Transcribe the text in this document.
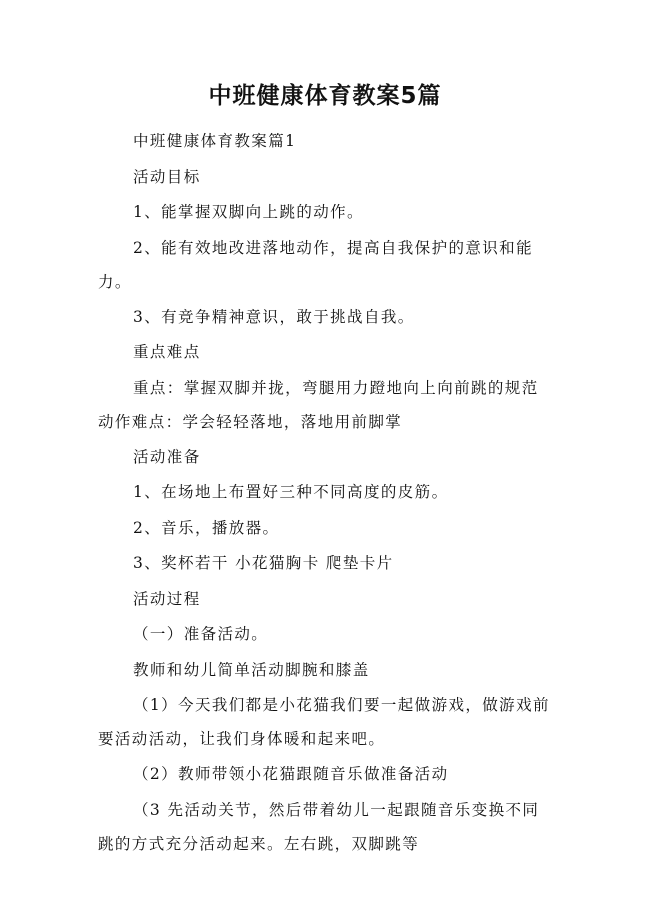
中班健康体育教案5篇

中班健康体育教案篇1

活动目标

1、能掌握双脚向上跳的动作。

2、能有效地改进落地动作，提高自我保护的意识和能力。

3、有竞争精神意识，敢于挑战自我。

重点难点

重点：掌握双脚并拢，弯腿用力蹬地向上向前跳的规范动作难点：学会轻轻落地，落地用前脚掌

活动准备

1、在场地上布置好三种不同高度的皮筋。

2、音乐，播放器。

3、奖杯若干 小花猫胸卡 爬垫卡片

活动过程

（一）准备活动。

教师和幼儿简单活动脚腕和膝盖

（1）今天我们都是小花猫我们要一起做游戏，做游戏前要活动活动，让我们身体暖和起来吧。

（2）教师带领小花猫跟随音乐做准备活动

（3 先活动关节，然后带着幼儿一起跟随音乐变换不同跳的方式充分活动起来。左右跳，双脚跳等
